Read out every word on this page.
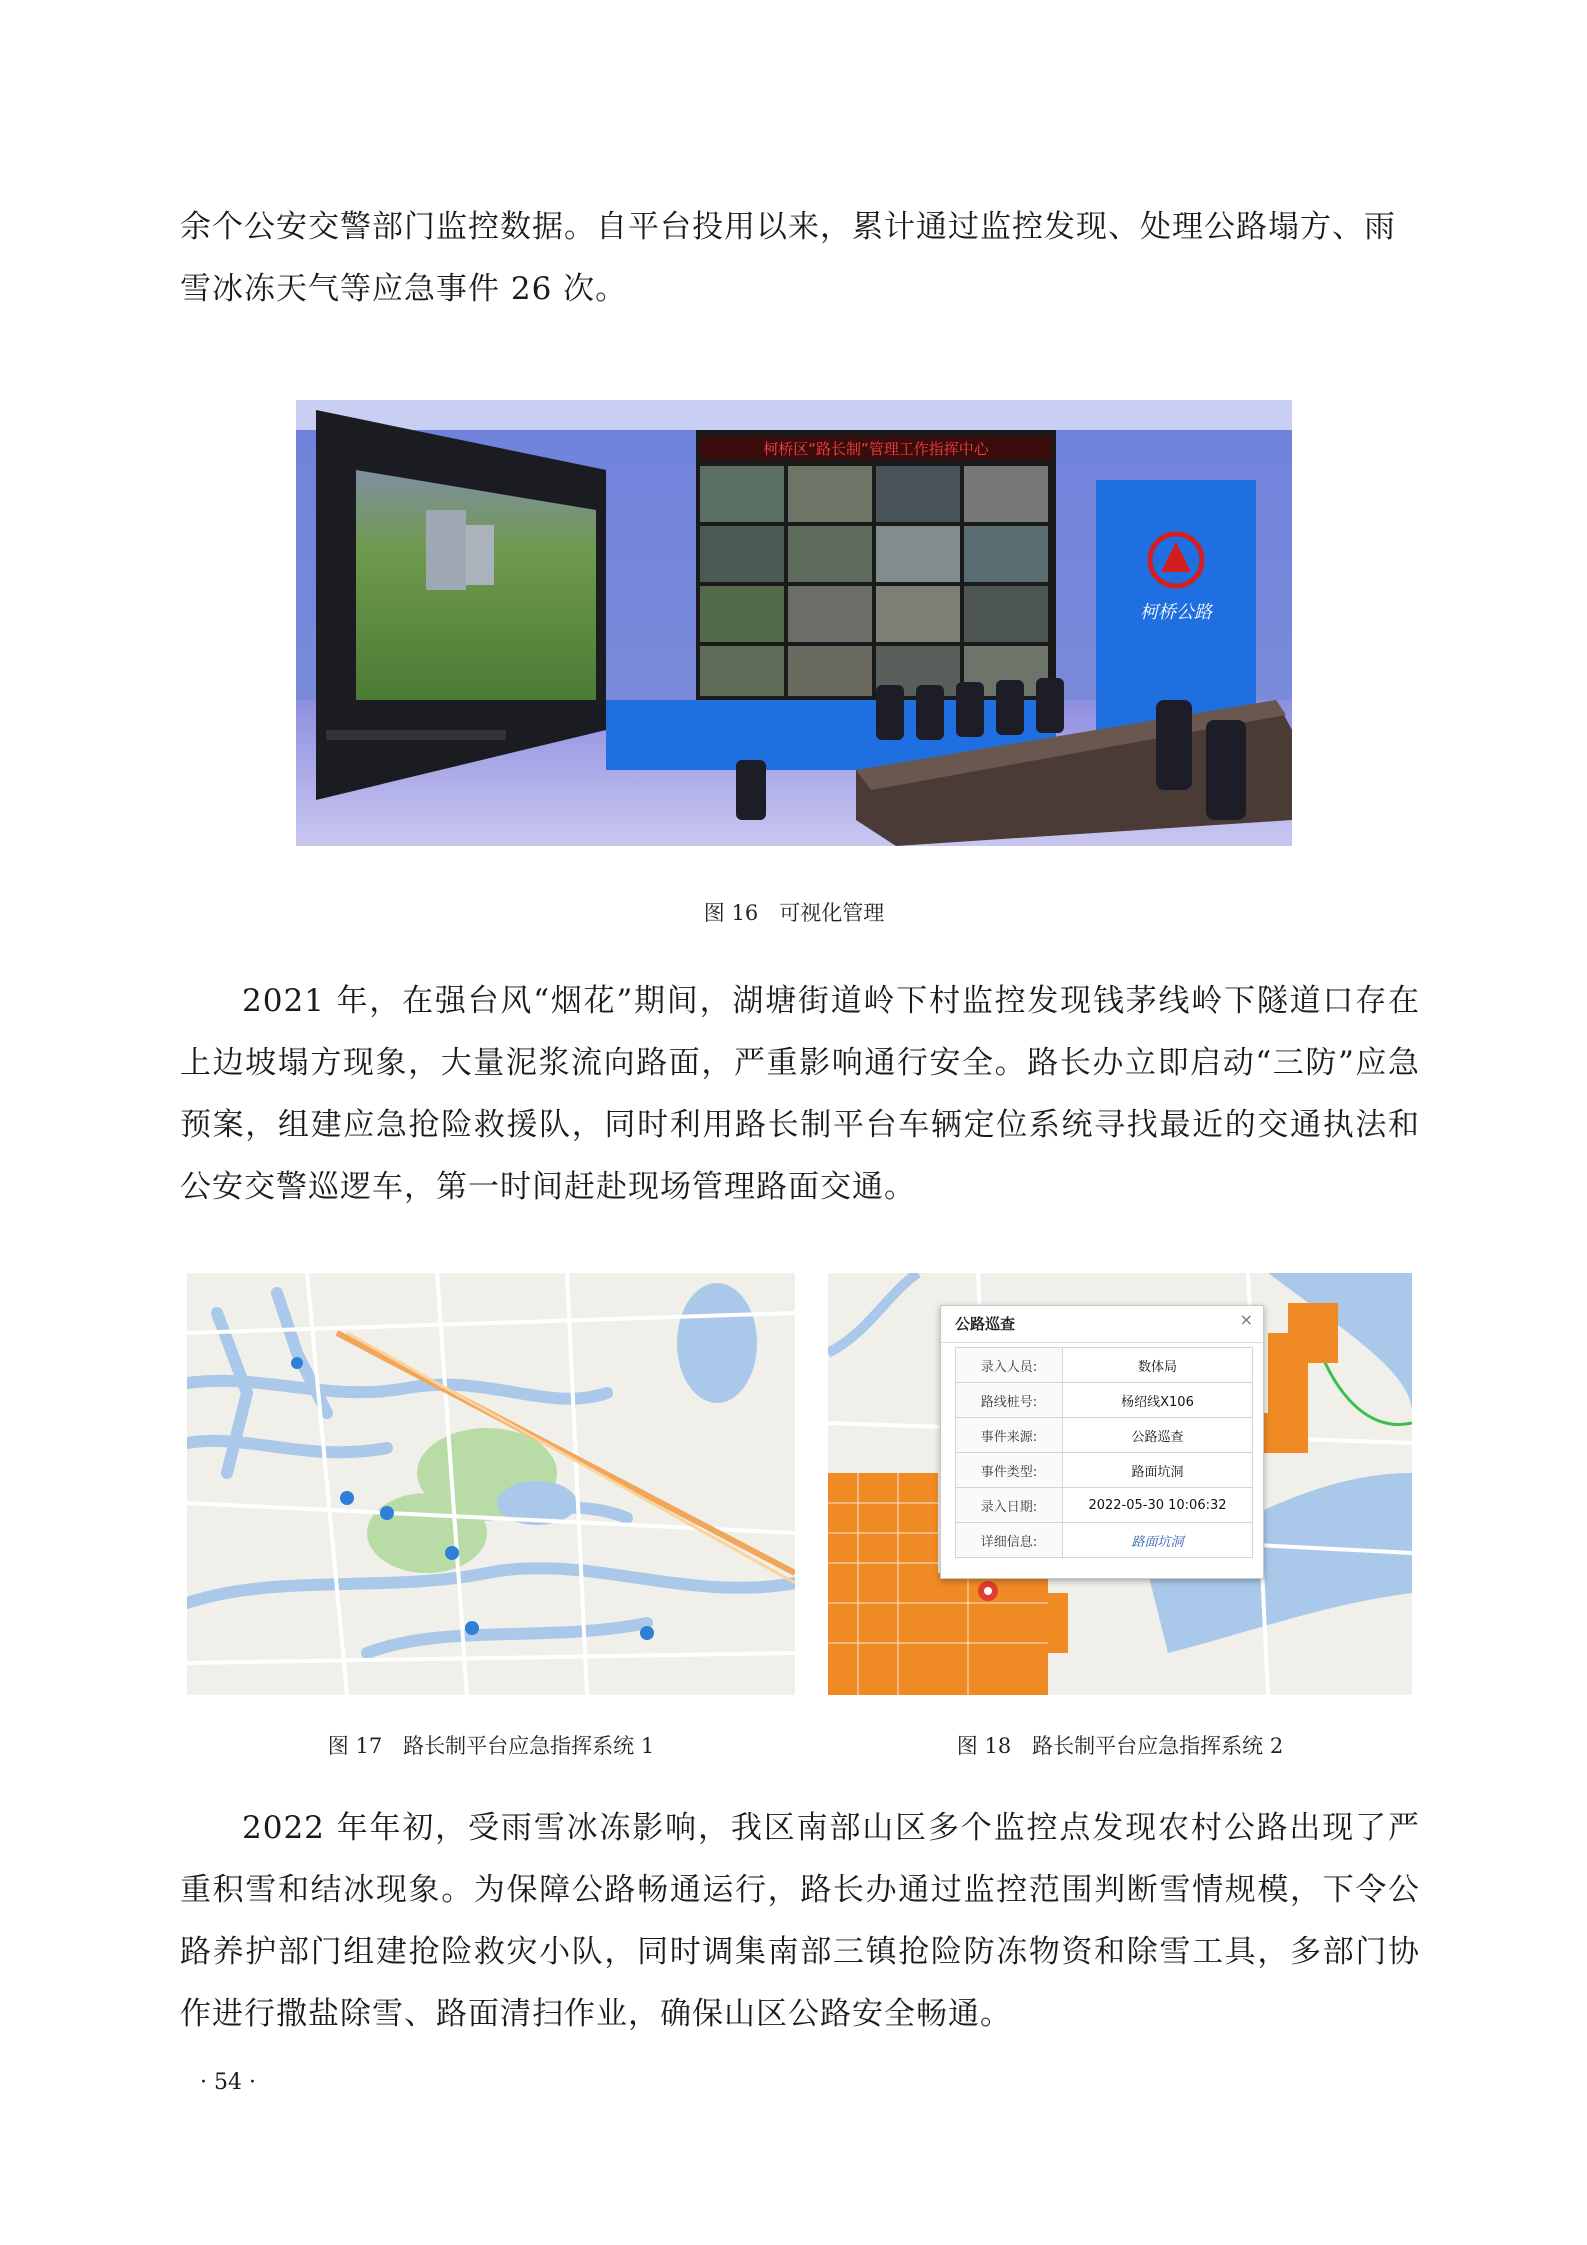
余个公安交警部门监控数据。自平台投用以来，累计通过监控发现、处理公路塌方、雨

雪冰冻天气等应急事件 26 次。

柯桥区“路长制”管理工作指挥中心
柯桥公路
图 16　可视化管理

2021 年，在强台风“烟花”期间，湖塘街道岭下村监控发现钱茅线岭下隧道口存在上边坡塌方现象，大量泥浆流向路面，严重影响通行安全。路长办立即启动“三防”应急预案，组建应急抢险救援队，同时利用路长制平台车辆定位系统寻找最近的交通执法和公安交警巡逻车，第一时间赶赴现场管理路面交通。

图 17　路长制平台应急指挥系统 1
公路巡查	×
录入人员:	数体局
路线桩号:	杨绍线X106
事件来源:	公路巡查
事件类型:	路面坑洞
录入日期:	2022-05-30 10:06:32
详细信息:	路面坑洞
图 18　路长制平台应急指挥系统 2

2022 年年初，受雨雪冰冻影响，我区南部山区多个监控点发现农村公路出现了严重积雪和结冰现象。为保障公路畅通运行，路长办通过监控范围判断雪情规模，下令公路养护部门组建抢险救灾小队，同时调集南部三镇抢险防冻物资和除雪工具，多部门协作进行撒盐除雪、路面清扫作业，确保山区公路安全畅通。

· 54 ·
